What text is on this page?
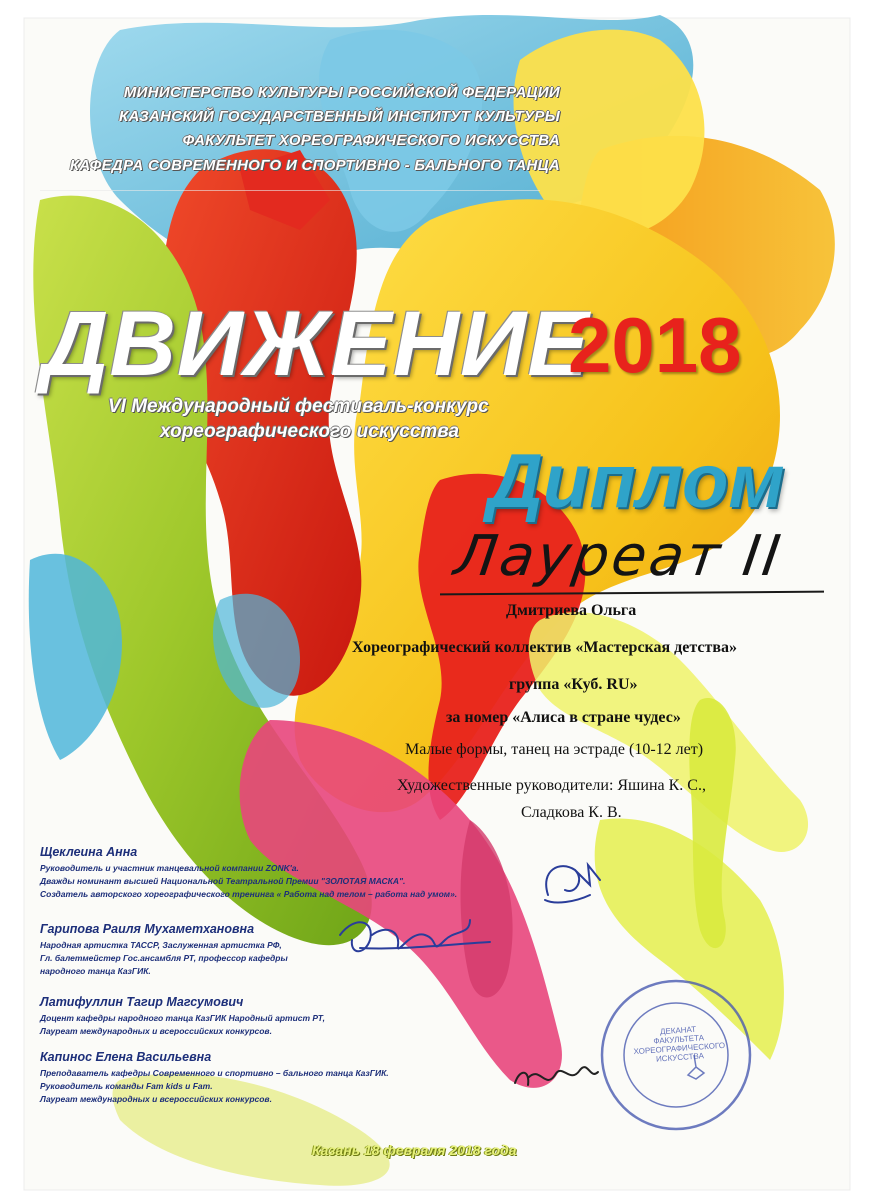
МИНИСТЕРСТВО КУЛЬТУРЫ РОССИЙСКОЙ ФЕДЕРАЦИИ
КАЗАНСКИЙ ГОСУДАРСТВЕННЫЙ ИНСТИТУТ КУЛЬТУРЫ
ФАКУЛЬТЕТ ХОРЕОГРАФИЧЕСКОГО ИСКУССТВА
КАФЕДРА СОВРЕМЕННОГО И СПОРТИВНО - БАЛЬНОГО ТАНЦА
ДВИЖЕНИЕ
2018
VI Международный фестиваль-конкурс
хореографического искусства
Диплом
Лауреат II
Дмитриева Ольга
Хореографический коллектив «Мастерская детства»
группа «Куб. RU»
за номер «Алиса в стране чудес»
Малые формы, танец на эстраде (10-12 лет)
Художественные руководители: Яшина К. С.,
Сладкова К. В.
Щеклеина Анна
Руководитель и участник танцевальной компании ZONK'a.
Дважды номинант высшей Национальной Театральной Премии "ЗОЛОТАЯ МАСКА".
Создатель авторского хореографического тренинга « Работа над телом – работа над умом».
Гарипова Раиля Мухаметхановна
Народная артистка ТАССР, Заслуженная артистка РФ,
Гл. балетмейстер Гос.ансамбля РТ, профессор кафедры
народного танца КазГИК.
Латифуллин Тагир Магсумович
Доцент кафедры народного танца КазГИК Народный артист РТ,
Лауреат международных и всероссийских конкурсов.
Капинос Елена Васильевна
Преподаватель кафедры Современного и спортивно – бального танца КазГИК.
Руководитель команды Fam kids и Fam.
Лауреат международных и всероссийских конкурсов.
ДЕКАНАТ
ФАКУЛЬТЕТА
ХОРЕОГРАФИЧЕСКОГО
ИСКУССТВА
Казань 18 февраля 2018 года
